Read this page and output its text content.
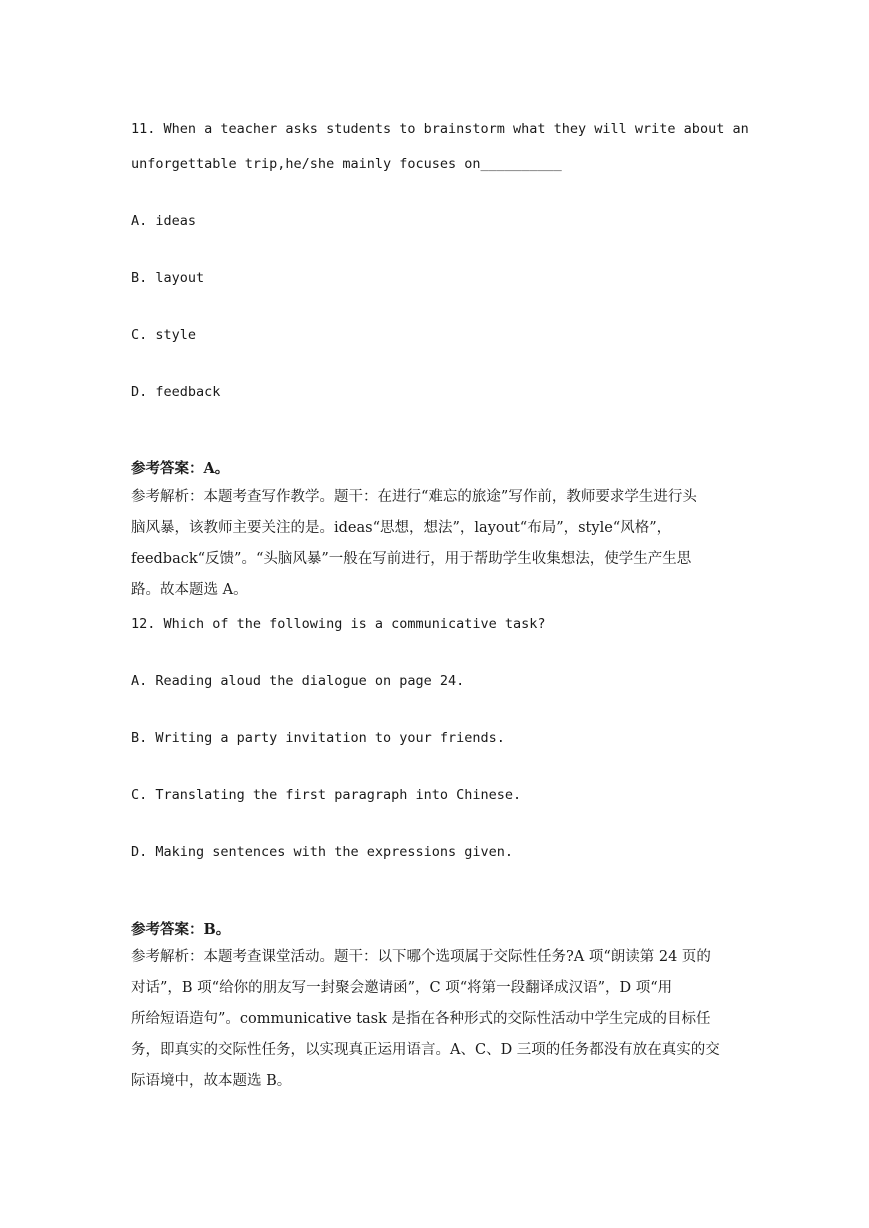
11. When a teacher asks students to brainstorm what they will write about an
unforgettable trip,he/she mainly focuses on__________
A. ideas
B. layout
C. style
D. feedback
参考答案：A。
参考解析：本题考查写作教学。题干：在进行“难忘的旅途”写作前，教师要求学生进行头
脑风暴，该教师主要关注的是。ideas“思想，想法”，layout“布局”，style“风格”，
feedback“反馈”。“头脑风暴”一般在写前进行，用于帮助学生收集想法，使学生产生思
路。故本题选 A。
12. Which of the following is a communicative task?
A. Reading aloud the dialogue on page 24.
B. Writing a party invitation to your friends.
C. Translating the first paragraph into Chinese.
D. Making sentences with the expressions given.
参考答案：B。
参考解析：本题考查课堂活动。题干：以下哪个选项属于交际性任务?A 项“朗读第 24 页的
对话”，B 项“给你的朋友写一封聚会邀请函”，C 项“将第一段翻译成汉语”，D 项“用
所给短语造句”。communicative task 是指在各种形式的交际性活动中学生完成的目标任
务，即真实的交际性任务，以实现真正运用语言。A、C、D 三项的任务都没有放在真实的交
际语境中，故本题选 B。
